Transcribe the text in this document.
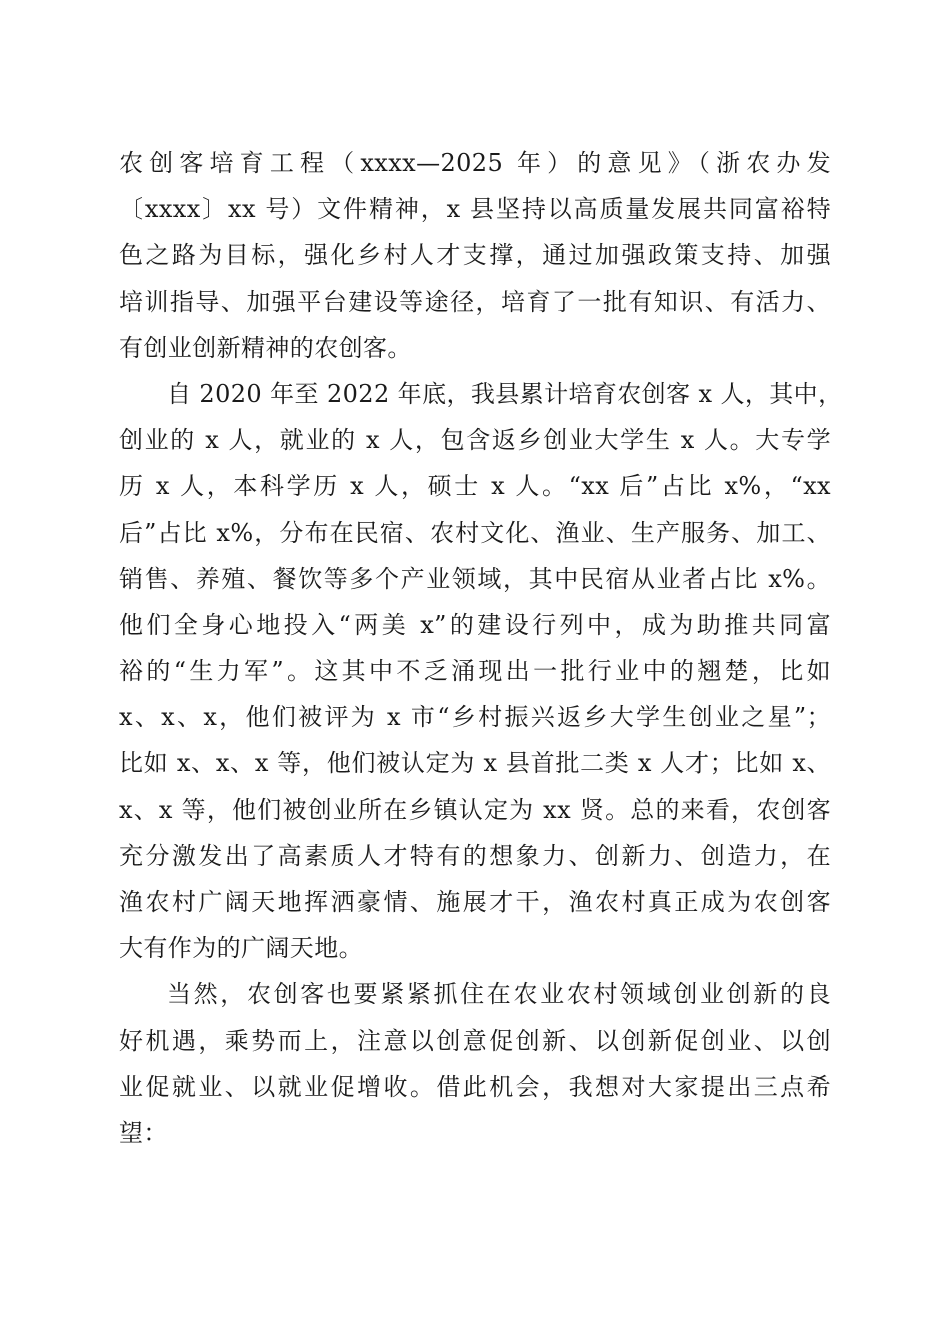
农创客培育工程（xxxx—2025 年）的意见》（浙农办发
〔xxxx〕xx 号）文件精神，x 县坚持以高质量发展共同富裕特
色之路为目标，强化乡村人才支撑，通过加强政策支持、加强
培训指导、加强平台建设等途径，培育了一批有知识、有活力、
有创业创新精神的农创客。
自 2020 年至 2022 年底，我县累计培育农创客 x 人，其中，
创业的 x 人，就业的 x 人，包含返乡创业大学生 x 人。大专学
历 x 人，本科学历 x 人，硕士 x 人。“xx 后”占比 x%，“xx
后”占比 x%，分布在民宿、农村文化、渔业、生产服务、加工、
销售、养殖、餐饮等多个产业领域，其中民宿从业者占比 x%。
他们全身心地投入“两美 x”的建设行列中，成为助推共同富
裕的“生力军”。这其中不乏涌现出一批行业中的翘楚，比如
x、x、x，他们被评为 x 市“乡村振兴返乡大学生创业之星”；
比如 x、x、x 等，他们被认定为 x 县首批二类 x 人才；比如 x、
x、x 等，他们被创业所在乡镇认定为 xx 贤。总的来看，农创客
充分激发出了高素质人才特有的想象力、创新力、创造力，在
渔农村广阔天地挥洒豪情、施展才干，渔农村真正成为农创客
大有作为的广阔天地。
当然，农创客也要紧紧抓住在农业农村领域创业创新的良
好机遇，乘势而上，注意以创意促创新、以创新促创业、以创
业促就业、以就业促增收。借此机会，我想对大家提出三点希
望：
